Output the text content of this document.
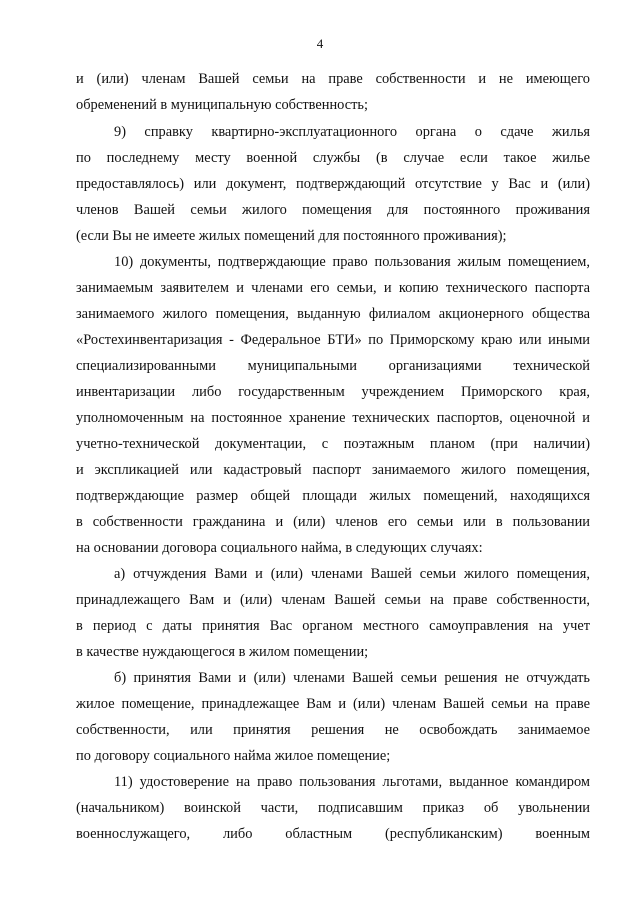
4
и (или) членам Вашей семьи на праве собственности и не имеющего
обременений в муниципальную собственность;
9) справку квартирно-эксплуатационного органа о сдаче жилья
по последнему месту военной службы (в случае если такое жилье
предоставлялось) или документ, подтверждающий отсутствие у Вас и (или)
членов Вашей семьи жилого помещения для постоянного проживания
(если Вы не имеете жилых помещений для постоянного проживания);
10) документы, подтверждающие право пользования жилым помещением,
занимаемым заявителем и членами его семьи, и копию технического паспорта
занимаемого жилого помещения, выданную филиалом акционерного общества
«Ростехинвентаризация - Федеральное БТИ» по Приморскому краю или иными
специализированными муниципальными организациями технической
инвентаризации либо государственным учреждением Приморского края,
уполномоченным на постоянное хранение технических паспортов, оценочной и
учетно-технической документации, с поэтажным планом (при наличии)
и экспликацией или кадастровый паспорт занимаемого жилого помещения,
подтверждающие размер общей площади жилых помещений, находящихся
в собственности гражданина и (или) членов его семьи или в пользовании
на основании договора социального найма, в следующих случаях:
а) отчуждения Вами и (или) членами Вашей семьи жилого помещения,
принадлежащего Вам и (или) членам Вашей семьи на праве собственности,
в период с даты принятия Вас органом местного самоуправления на учет
в качестве нуждающегося в жилом помещении;
б) принятия Вами и (или) членами Вашей семьи решения не отчуждать
жилое помещение, принадлежащее Вам и (или) членам Вашей семьи на праве
собственности, или принятия решения не освобождать занимаемое
по договору социального найма жилое помещение;
11) удостоверение на право пользования льготами, выданное командиром
(начальником) воинской части, подписавшим приказ об увольнении
военнослужащего, либо областным (республиканским) военным
